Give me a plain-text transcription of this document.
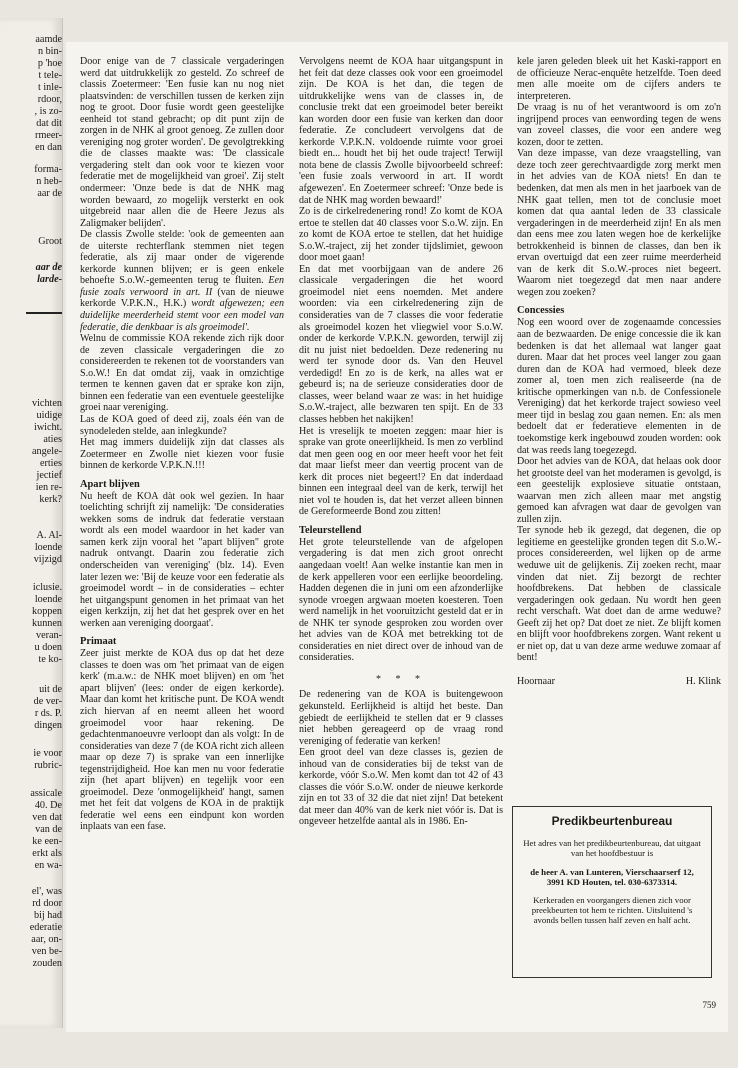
aamde
n bin-
p 'hoe
t tele-
t inle-
rdoor,
, is zo-
dat dit
rmeer-
en dan
forma-
n heb-
aar de
Groot
aar de
larde-
vichten
uidige
iwicht.
aties
angele-
erties
jectief
ien re-
kerk?
A. Al-
loende
vijzigd
iclusie.
loende
koppen
kunnen
veran-
u doen
te ko-
uit de
de ver-
r ds. P.
dingen
ie voor
rubric-
assicale
40. De
ven dat
van de
ke een-
erkt als
en wa-
el', was
rd door
bij had
ederatie
aar, on-
ven be-
zouden

Door enige van de 7 classicale vergaderingen werd dat uitdrukkelijk zo gesteld. Zo schreef de classis Zoetermeer: 'Een fusie kan nu nog niet plaatsvinden: de verschillen tussen de kerken zijn nog te groot. Door fusie wordt geen geestelijke eenheid tot stand gebracht; op dit punt zijn de zorgen in de NHK al groot genoeg. Ze zullen door vereniging nog groter worden'. De gevolgtrekking die de classes maakte was: 'De classicale vergadering stelt dan ook voor te kiezen voor federatie met de mogelijkheid van groei'. Zij stelt ondermeer: 'Onze bede is dat de NHK mag worden bewaard, zo mogelijk versterkt en ook uitgebreid naar allen die de Heere Jezus als Zaligmaker belijden'.

De classis Zwolle stelde: 'ook de gemeenten aan de uiterste rechterflank stemmen niet tegen federatie, als zij maar onder de vigerende kerkorde kunnen blijven; er is geen enkele behoefte S.o.W.-gemeenten terug te fluiten. Een fusie zoals verwoord in art. II (van de nieuwe kerkorde V.P.K.N., H.K.) wordt afgewezen; een duidelijke meerderheid stemt voor een model van federatie, die denkbaar is als groeimodel'.

Welnu de commissie KOA rekende zich rijk door de zeven classicale vergaderingen die zo considereerden te rekenen tot de voorstanders van S.o.W.! En dat omdat zij, vaak in omzichtige termen te kennen gaven dat er sprake kon zijn, binnen een federatie van een eventuele geestelijke groei naar vereniging.

Las de KOA goed of deed zij, zoals één van de synodeleden stelde, aan inlegkunde?

Het mag immers duidelijk zijn dat classes als Zoetermeer en Zwolle niet kiezen voor fusie binnen de kerkorde V.P.K.N.!!!

Apart blijven

Nu heeft de KOA dàt ook wel gezien. In haar toelichting schrijft zij namelijk: 'De consideraties wekken soms de indruk dat federatie verstaan wordt als een model waardoor in het kader van samen kerk zijn vooral het "apart blijven" grote nadruk ontvangt. Daarin zou federatie zich onderscheiden van vereniging' (blz. 14). Even later lezen we: 'Bij de keuze voor een federatie als groeimodel wordt – in de consideraties – echter het uitgangspunt genomen in het primaat van het eigen kerkzijn, zij het dat het gesprek over en het werken aan vereniging doorgaat'.

Primaat

Zeer juist merkte de KOA dus op dat het deze classes te doen was om 'het primaat van de eigen kerk' (m.a.w.: de NHK moet blijven) en om 'het apart blijven' (lees: onder de eigen kerkorde). Maar dan komt het kritische punt. De KOA wendt zich hiervan af en neemt alleen het woord groeimodel voor haar rekening. De gedachtenmanoeuvre verloopt dan als volgt: In de consideraties van deze 7 (de KOA richt zich alleen maar op deze 7) is sprake van een innerlijke tegenstrijdigheid. Hoe kan men nu voor federatie zijn (het apart blijven) en tegelijk voor een groeimodel. Deze 'onmogelijkheid' hangt, samen met het feit dat volgens de KOA in de praktijk federatie wel eens een eindpunt kon worden inplaats van een fase.

Vervolgens neemt de KOA haar uitgangspunt in het feit dat deze classes ook voor een groeimodel zijn. De KOA is het dan, die tegen de uitdrukkelijke wens van de classes in, de conclusie trekt dat een groeimodel beter bereikt kan worden door een fusie van kerken dan door federatie. Ze concludeert vervolgens dat de kerkorde V.P.K.N. voldoende ruimte voor groei biedt en... houdt het bij het oude traject! Terwijl nota bene de classis Zwolle bijvoorbeeld schreef: 'een fusie zoals verwoord in art. II wordt afgewezen'. En Zoetermeer schreef: 'Onze bede is dat de NHK mag worden bewaard!'

Zo is de cirkelredenering rond! Zo komt de KOA ertoe te stellen dat 40 classes voor S.o.W. zijn. En zo komt de KOA ertoe te stellen, dat het huidige S.o.W.-traject, zij het zonder tijdslimiet, gewoon door moet gaan!

En dat met voorbijgaan van de andere 26 classicale vergaderingen die het woord groeimodel niet eens noemden. Met andere woorden: via een cirkelredenering zijn de consideraties van de 7 classes die voor federatie als groeimodel kozen het vliegwiel voor S.o.W. onder de kerkorde V.P.K.N. geworden, terwijl zij dit nu juist niet bedoelden. Deze redenering nu werd ter synode door ds. Van den Heuvel verdedigd! En zo is de kerk, na alles wat er gebeurd is; na de serieuze consideraties door de classes, weer beland waar ze was: in het huidige S.o.W.-traject, alle bezwaren ten spijt. En de 33 classes hebben het nakijken!

Het is vreselijk te moeten zeggen: maar hier is sprake van grote oneerlijkheid. Is men zo verblind dat men geen oog en oor meer heeft voor het feit dat maar liefst meer dan veertig procent van de kerk dit proces niet begeert!? En dat inderdaad binnen een integraal deel van de kerk, terwijl het niet vol te houden is, dat het verzet alleen binnen de Gereformeerde Bond zou zitten!

Teleurstellend

Het grote teleurstellende van de afgelopen vergadering is dat men zich groot onrecht aangedaan voelt! Aan welke instantie kan men in de kerk appelleren voor een eerlijke beoordeling. Hadden degenen die in juni om een afzonderlijke synode vroegen argwaan moeten koesteren. Toen werd namelijk in het vooruitzicht gesteld dat er in de NHK ter synode gesproken zou worden over het advies van de KOA met betrekking tot de consideraties en niet direct over de inhoud van de consideraties.

* * *

De redenering van de KOA is buitengewoon gekunsteld. Eerlijkheid is altijd het beste. Dan gebiedt de eerlijkheid te stellen dat er 9 classes niet hebben gereageerd op de vraag rond vereniging of federatie van kerken!

Een groot deel van deze classes is, gezien de inhoud van de consideraties bij de tekst van de kerkorde, vóór S.o.W. Men komt dan tot 42 of 43 classes die vóór S.o.W. onder de nieuwe kerkorde zijn en tot 33 of 32 die dat niet zijn! Dat betekent dat meer dan 40% van de kerk niet vóór is. Dat is ongeveer hetzelfde aantal als in 1986. En-

kele jaren geleden bleek uit het Kaski-rapport en de officieuze Nerac-enquête hetzelfde. Toen deed men alle moeite om de cijfers anders te interpreteren.

De vraag is nu of het verantwoord is om zo'n ingrijpend proces van eenwording tegen de wens van zoveel classes, die voor een andere weg kozen, door te zetten.

Van deze impasse, van deze vraagstelling, van deze toch zeer gerechtvaardigde zorg merkt men in het advies van de KOA niets! En dan te bedenken, dat men als men in het jaarboek van de NHK gaat tellen, men tot de conclusie moet komen dat qua aantal leden de 33 classicale vergaderingen in de meerderheid zijn! En als men dan eens mee zou laten wegen hoe de kerkelijke betrokkenheid is binnen de classes, dan ben ik ervan overtuigd dat een zeer ruime meerderheid van de kerk dit S.o.W.-proces niet begeert. Waarom niet toegezegd dat men naar andere wegen zou zoeken?

Concessies

Nog een woord over de zogenaamde concessies aan de bezwaarden. De enige concessie die ik kan bedenken is dat het allemaal wat langer gaat duren. Maar dat het proces veel langer zou gaan duren dan de KOA had vermoed, bleek deze zomer al, toen men zich realiseerde (na de kritische opmerkingen van n.b. de Confessionele Vereniging) dat het kerkorde traject sowieso veel meer tijd in beslag zou gaan nemen. En: als men bedoelt dat er federatieve elementen in de toekomstige kerk ingebouwd zouden worden: ook dat was reeds lang toegezegd.

Door het advies van de KOA, dat helaas ook door het grootste deel van het moderamen is gevolgd, is een geestelijk explosieve situatie ontstaan, waarvan men zich alleen maar met angstig gemoed kan afvragen wat daar de gevolgen van zullen zijn.

Ter synode heb ik gezegd, dat degenen, die op legitieme en geestelijke gronden tegen dit S.o.W.-proces considereerden, wel lijken op de arme weduwe uit de gelijkenis. Zij zoeken recht, maar vinden dat niet. Zij bezorgt de rechter hoofdbrekens. Dat hebben de classicale vergaderingen ook gedaan. Nu wordt hen geen recht verschaft. Wat doet dan de arme weduwe? Geeft zij het op? Dat doet ze niet. Ze blijft komen en blijft voor hoofdbrekens zorgen. Want rekent u er niet op, dat u van deze arme weduwe zomaar af bent!

Hoornaar	H. Klink
Predikbeurtenbureau

Het adres van het predikbeurtenbureau, dat uitgaat van het hoofdbestuur is

de heer A. van Lunteren, Vierschaarserf 12, 3991 KD Houten, tel. 030-6373314.

Kerkeraden en voorgangers dienen zich voor preekbeurten tot hem te richten. Uitsluitend 's avonds bellen tussen half zeven en half acht.

759
